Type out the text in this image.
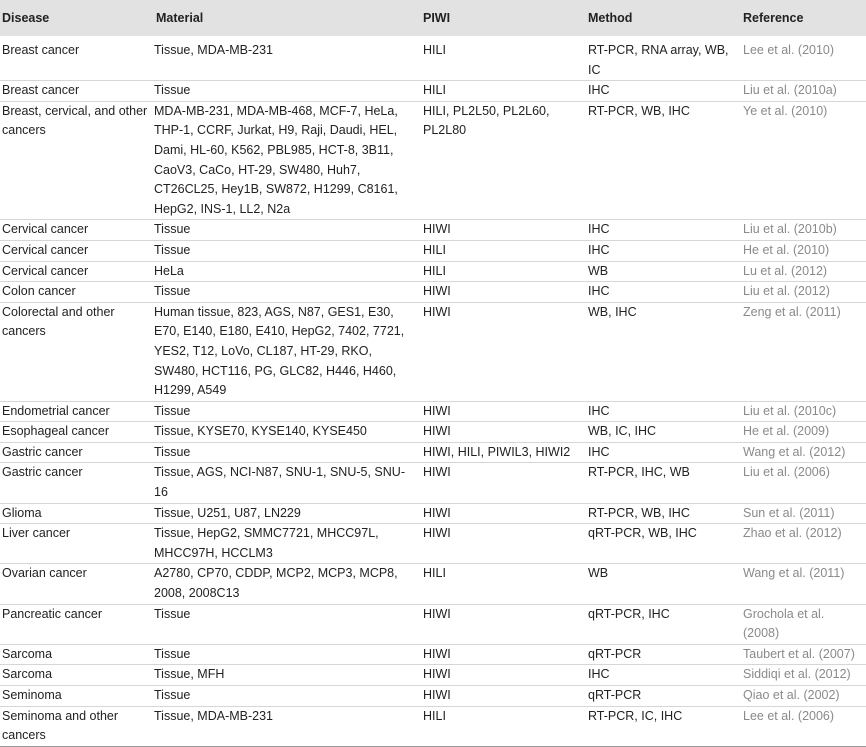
Disease	Material	PIWI	Method	Reference
Breast cancer	Tissue, MDA-MB-231	HILI	RT-PCR, RNA array, WB, IC	Lee et al. (2010)
Breast cancer	Tissue	HILI	IHC	Liu et al. (2010a)
Breast, cervical, and other cancers	MDA-MB-231, MDA-MB-468, MCF-7, HeLa, THP-1, CCRF, Jurkat, H9, Raji, Daudi, HEL, Dami, HL-60, K562, PBL985, HCT-8, 3B11, CaoV3, CaCo, HT-29, SW480, Huh7, CT26CL25, Hey1B, SW872, H1299, C8161, HepG2, INS-1, LL2, N2a	HILI, PL2L50, PL2L60, PL2L80	RT-PCR, WB, IHC	Ye et al. (2010)
Cervical cancer	Tissue	HIWI	IHC	Liu et al. (2010b)
Cervical cancer	Tissue	HILI	IHC	He et al. (2010)
Cervical cancer	HeLa	HILI	WB	Lu et al. (2012)
Colon cancer	Tissue	HIWI	IHC	Liu et al. (2012)
Colorectal and other cancers	Human tissue, 823, AGS, N87, GES1, E30, E70, E140, E180, E410, HepG2, 7402, 7721, YES2, T12, LoVo, CL187, HT-29, RKO, SW480, HCT116, PG, GLC82, H446, H460, H1299, A549	HIWI	WB, IHC	Zeng et al. (2011)
Endometrial cancer	Tissue	HIWI	IHC	Liu et al. (2010c)
Esophageal cancer	Tissue, KYSE70, KYSE140, KYSE450	HIWI	WB, IC, IHC	He et al. (2009)
Gastric cancer	Tissue	HIWI, HILI, PIWIL3, HIWI2	IHC	Wang et al. (2012)
Gastric cancer	Tissue, AGS, NCI-N87, SNU-1, SNU-5, SNU-16	HIWI	RT-PCR, IHC, WB	Liu et al. (2006)
Glioma	Tissue, U251, U87, LN229	HIWI	RT-PCR, WB, IHC	Sun et al. (2011)
Liver cancer	Tissue, HepG2, SMMC7721, MHCC97L, MHCC97H, HCCLM3	HIWI	qRT-PCR, WB, IHC	Zhao et al. (2012)
Ovarian cancer	A2780, CP70, CDDP, MCP2, MCP3, MCP8, 2008, 2008C13	HILI	WB	Wang et al. (2011)
Pancreatic cancer	Tissue	HIWI	qRT-PCR, IHC	Grochola et al. (2008)
Sarcoma	Tissue	HIWI	qRT-PCR	Taubert et al. (2007)
Sarcoma	Tissue, MFH	HIWI	IHC	Siddiqi et al. (2012)
Seminoma	Tissue	HIWI	qRT-PCR	Qiao et al. (2002)
Seminoma and other cancers	Tissue, MDA-MB-231	HILI	RT-PCR, IC, IHC	Lee et al. (2006)
